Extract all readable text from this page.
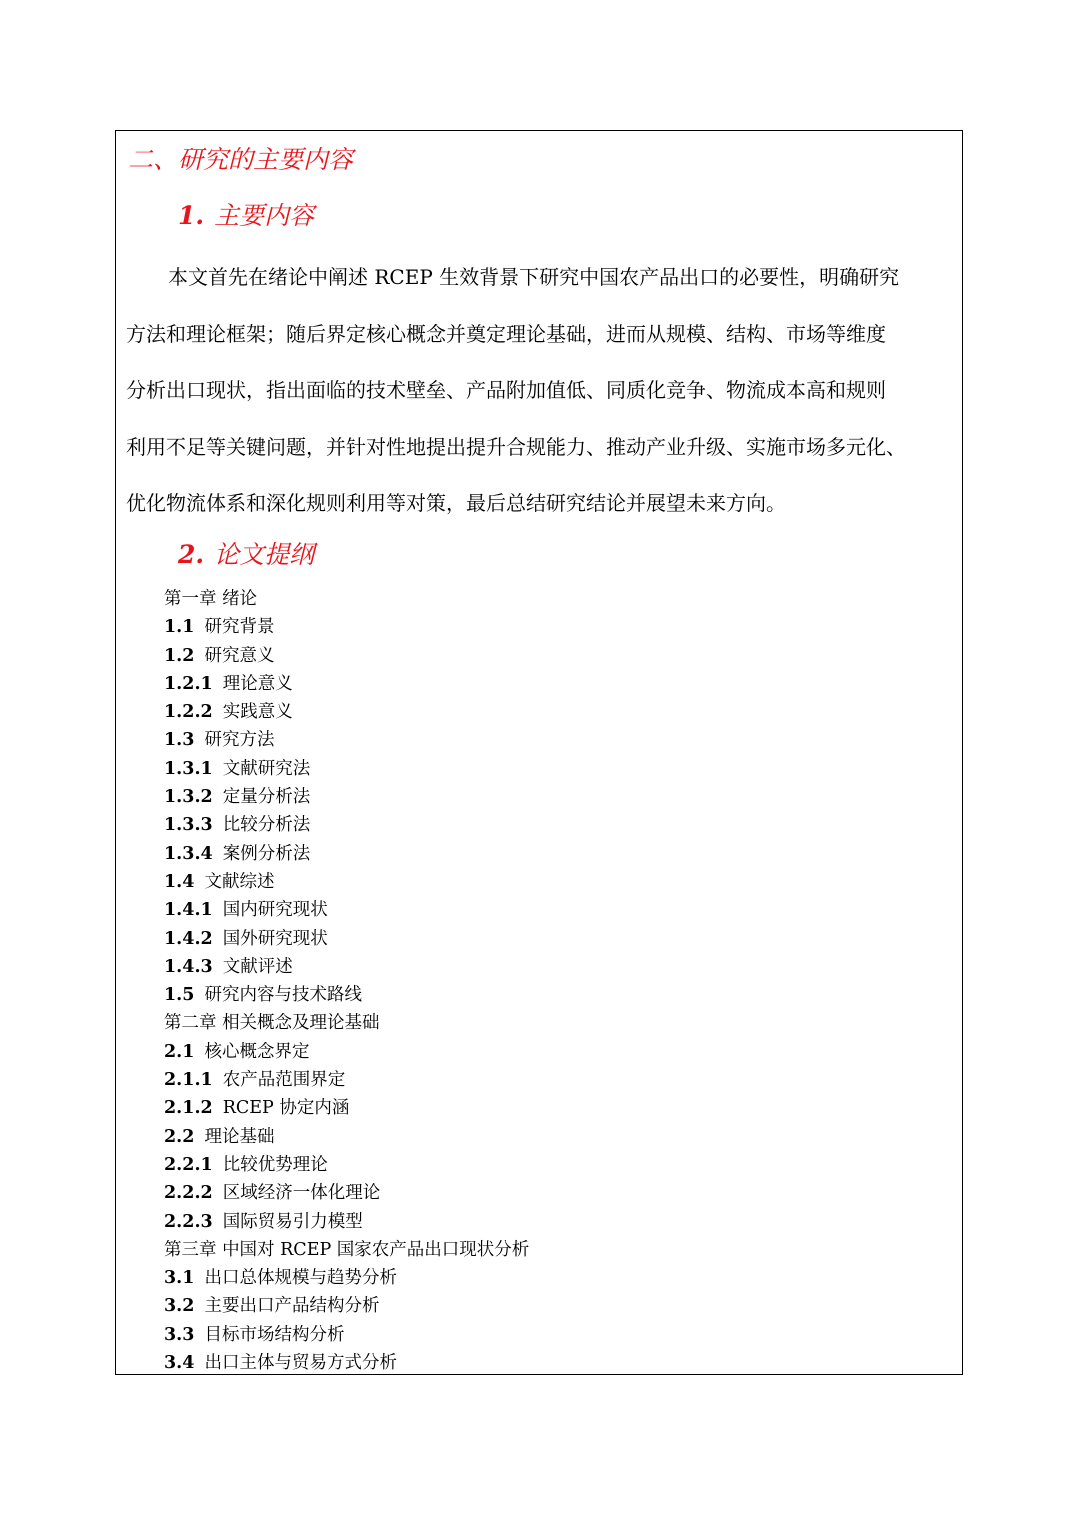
二、研究的主要内容
1. 主要内容

本文首先在绪论中阐述 RCEP 生效背景下研究中国农产品出口的必要性，明确研究
方法和理论框架；随后界定核心概念并奠定理论基础，进而从规模、结构、市场等维度
分析出口现状，指出面临的技术壁垒、产品附加值低、同质化竞争、物流成本高和规则
利用不足等关键问题，并针对性地提出提升合规能力、推动产业升级、实施市场多元化、
优化物流体系和深化规则利用等对策，最后总结研究结论并展望未来方向。

2. 论文提纲
第一章 绪论
1.1 研究背景
1.2 研究意义
1.2.1 理论意义
1.2.2 实践意义
1.3 研究方法
1.3.1 文献研究法
1.3.2 定量分析法
1.3.3 比较分析法
1.3.4 案例分析法
1.4 文献综述
1.4.1 国内研究现状
1.4.2 国外研究现状
1.4.3 文献评述
1.5 研究内容与技术路线
第二章 相关概念及理论基础
2.1 核心概念界定
2.1.1 农产品范围界定
2.1.2 RCEP 协定内涵
2.2 理论基础
2.2.1 比较优势理论
2.2.2 区域经济一体化理论
2.2.3 国际贸易引力模型
第三章 中国对 RCEP 国家农产品出口现状分析
3.1 出口总体规模与趋势分析
3.2 主要出口产品结构分析
3.3 目标市场结构分析
3.4 出口主体与贸易方式分析
